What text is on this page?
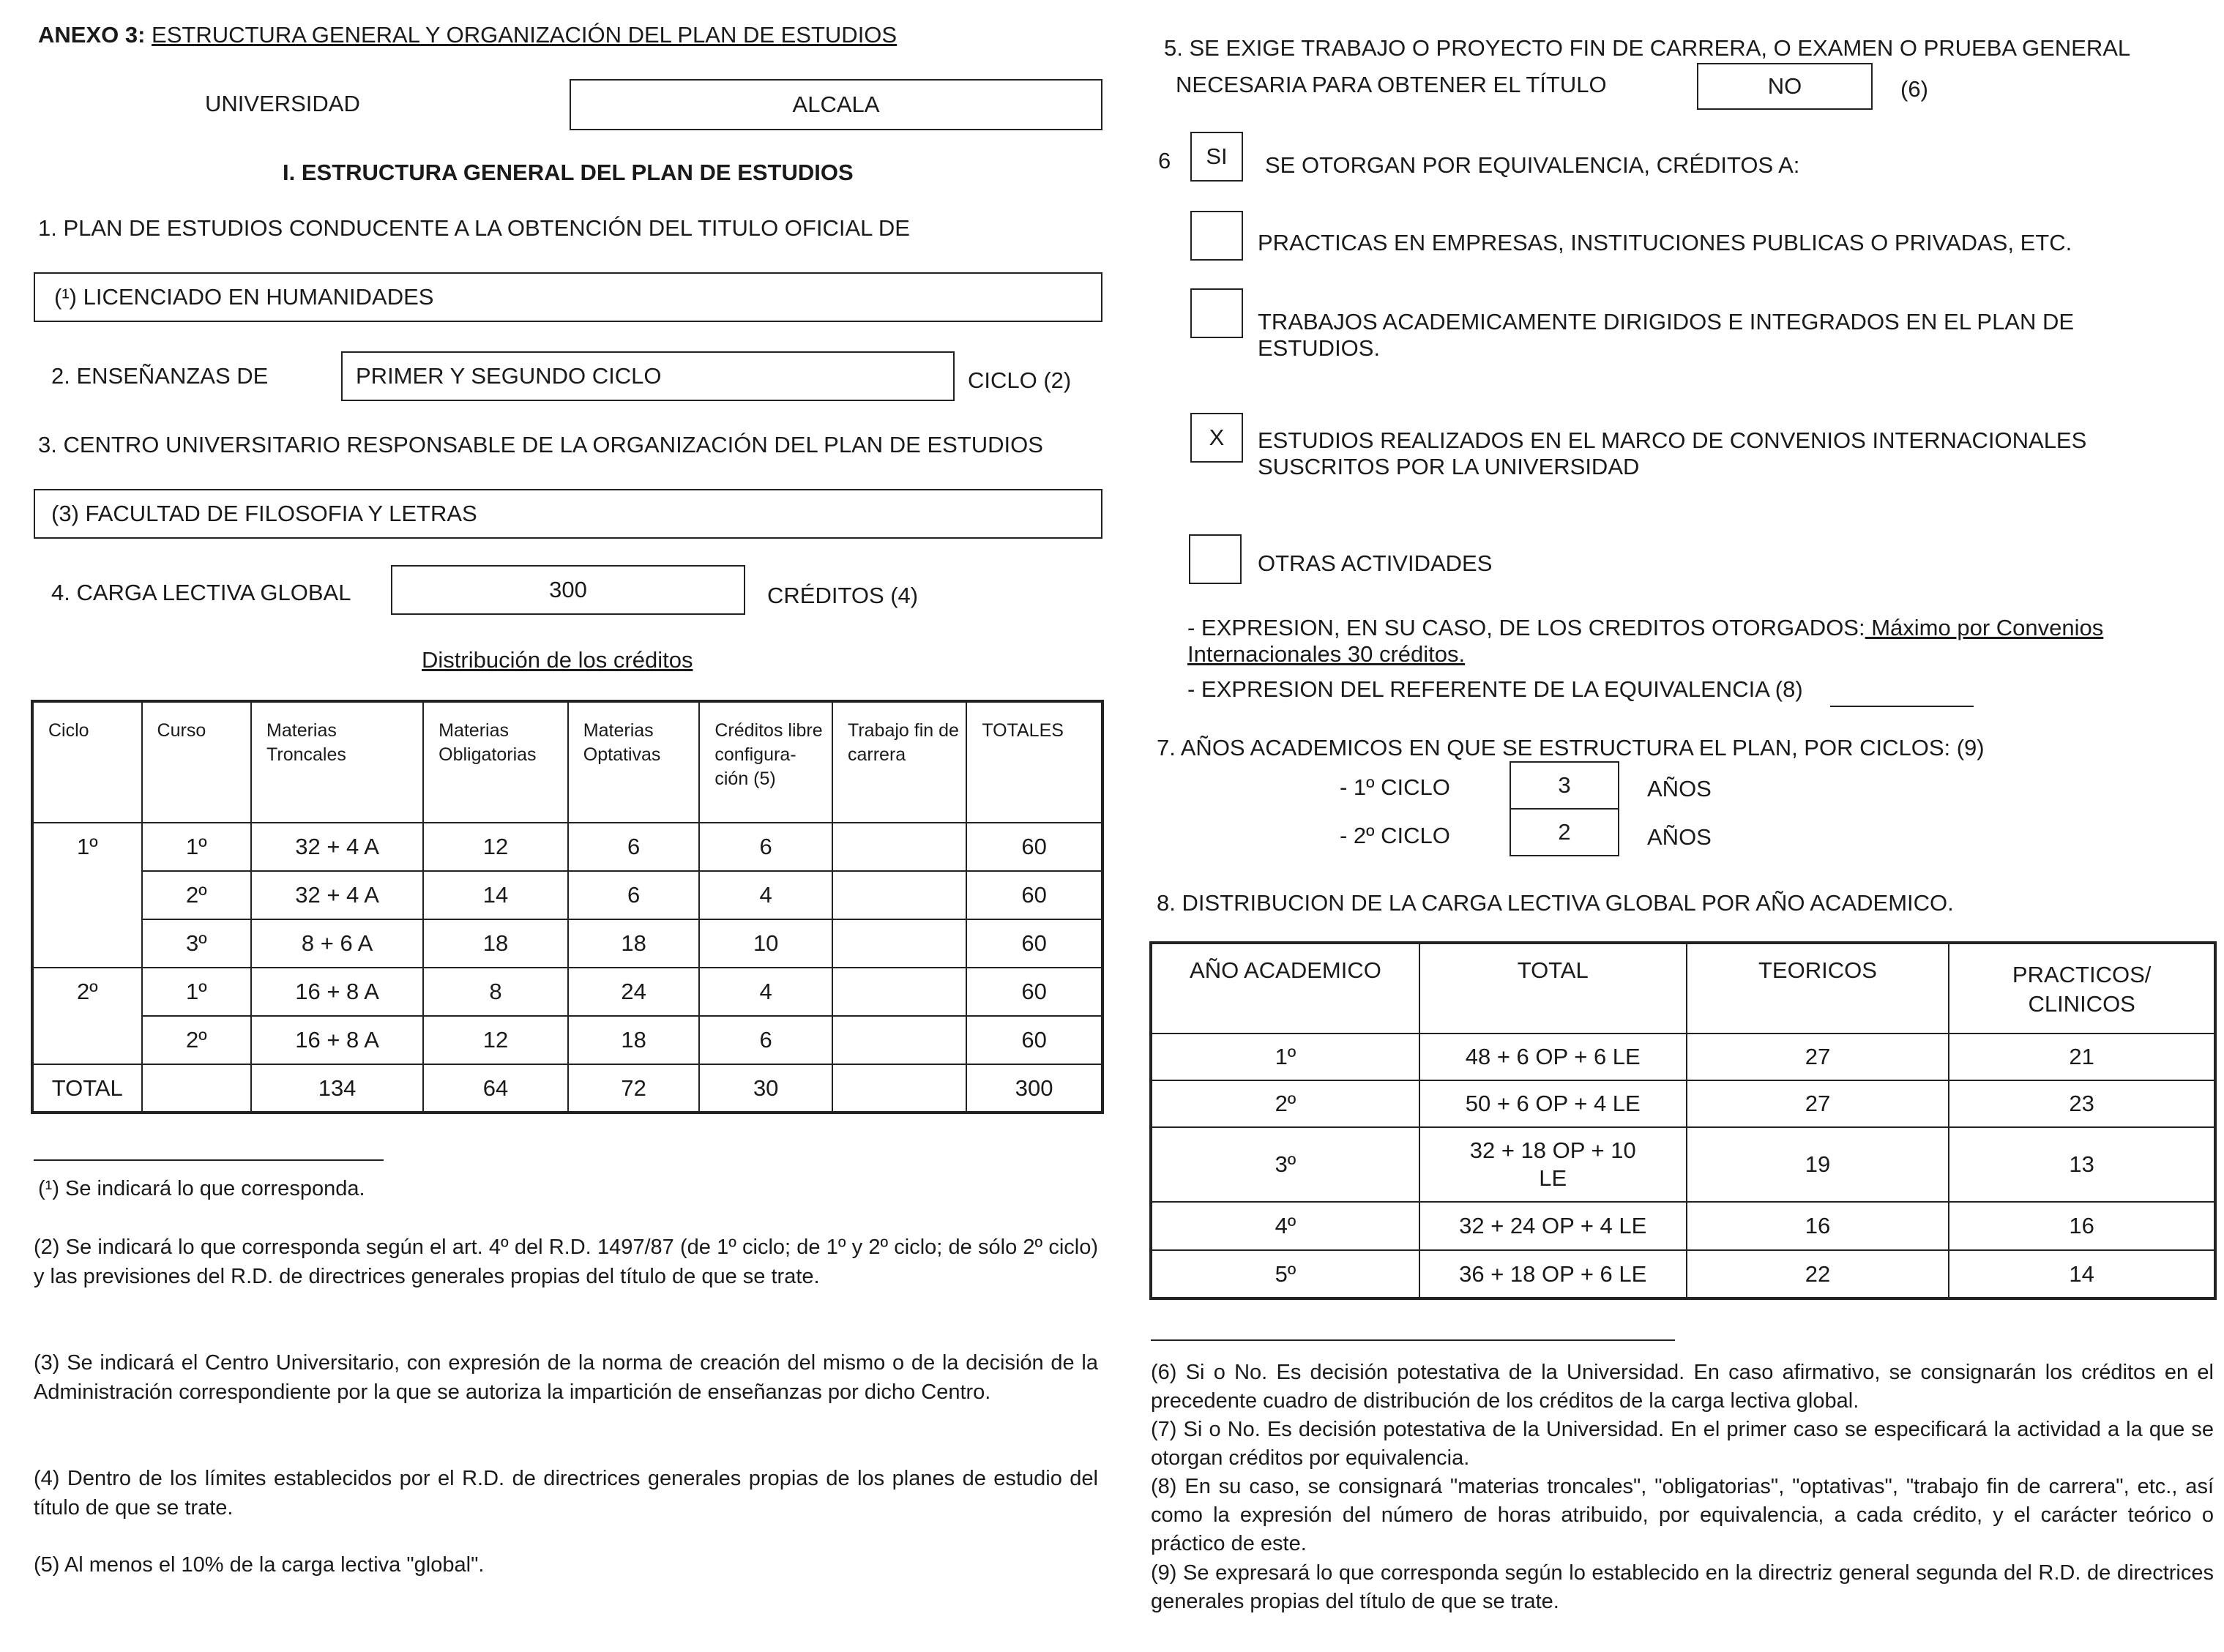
ANEXO 3: ESTRUCTURA GENERAL Y ORGANIZACIÓN DEL PLAN DE ESTUDIOS
UNIVERSIDAD	ALCALA
I. ESTRUCTURA GENERAL DEL PLAN DE ESTUDIOS
1. PLAN DE ESTUDIOS CONDUCENTE A LA OBTENCIÓN DEL TITULO OFICIAL DE
(¹)
LICENCIADO EN HUMANIDADES
2. ENSEÑANZAS DE	PRIMER Y SEGUNDO CICLO	CICLO (2)
3. CENTRO UNIVERSITARIO RESPONSABLE DE LA ORGANIZACIÓN DEL PLAN DE ESTUDIOS
(3) FACULTAD DE FILOSOFIA Y LETRAS
4. CARGA LECTIVA GLOBAL	300	CRÉDITOS (4)
Distribución de los créditos
Ciclo	Curso	Materias Troncales	Materias Obligatorias	Materias Optativas	Créditos libre configura-ción (5)	Trabajo fin de carrera	TOTALES
1º	1º	32 + 4 A	12	6	6		60
	2º	32 + 4 A	14	6	4		60
	3º	8 + 6 A	18	18	10		60
2º	1º	16 + 8 A	8	24	4		60
	2º	16 + 8 A	12	18	6		60
TOTAL		134	64	72	30		300
(¹) Se indicará lo que corresponda.
(2) Se indicará lo que corresponda según el art. 4º del R.D. 1497/87 (de 1º ciclo; de 1º y 2º ciclo; de sólo 2º ciclo) y las previsiones del R.D. de directrices generales propias del título de que se trate.
(3) Se indicará el Centro Universitario, con expresión de la norma de creación del mismo o de la decisión de la Administración correspondiente por la que se autoriza la impartición de enseñanzas por dicho Centro.
(4) Dentro de los límites establecidos por el R.D. de directrices generales propias de los planes de estudio del título de que se trate.
(5) Al menos el 10% de la carga lectiva "global".
5. SE EXIGE TRABAJO O PROYECTO FIN DE CARRERA, O EXAMEN O PRUEBA GENERAL
NECESARIA PARA OBTENER EL TÍTULO	NO	(6)
6 SI SE OTORGAN POR EQUIVALENCIA, CRÉDITOS A:
PRACTICAS EN EMPRESAS, INSTITUCIONES PUBLICAS O PRIVADAS, ETC.
TRABAJOS ACADEMICAMENTE DIRIGIDOS E INTEGRADOS EN EL PLAN DE ESTUDIOS.
X ESTUDIOS REALIZADOS EN EL MARCO DE CONVENIOS INTERNACIONALES SUSCRITOS POR LA UNIVERSIDAD
OTRAS ACTIVIDADES
- EXPRESION, EN SU CASO, DE LOS CREDITOS OTORGADOS: Máximo por Convenios Internacionales 30 créditos.
- EXPRESION DEL REFERENTE DE LA EQUIVALENCIA (8)
7. AÑOS ACADEMICOS EN QUE SE ESTRUCTURA EL PLAN, POR CICLOS: (9)
- 1º CICLO	3	AÑOS
- 2º CICLO	2	AÑOS
8. DISTRIBUCION DE LA CARGA LECTIVA GLOBAL POR AÑO ACADEMICO.
AÑO ACADEMICO	TOTAL	TEORICOS	PRACTICOS/ CLINICOS
1º	48 + 6 OP + 6 LE	27	21
2º	50 + 6 OP + 4 LE	27	23
3º	32 + 18 OP + 10 LE	19	13
4º	32 + 24 OP + 4 LE	16	16
5º	36 + 18 OP + 6 LE	22	14
(6) Si o No. Es decisión potestativa de la Universidad. En caso afirmativo, se consignarán los créditos en el precedente cuadro de distribución de los créditos de la carga lectiva global.
(7) Si o No. Es decisión potestativa de la Universidad. En el primer caso se especificará la actividad a la que se otorgan créditos por equivalencia.
(8) En su caso, se consignará "materias troncales", "obligatorias", "optativas", "trabajo fin de carrera", etc., así como la expresión del número de horas atribuido, por equivalencia, a cada crédito, y el carácter teórico o práctico de este.
(9) Se expresará lo que corresponda según lo establecido en la directriz general segunda del R.D. de directrices generales propias del título de que se trate.
